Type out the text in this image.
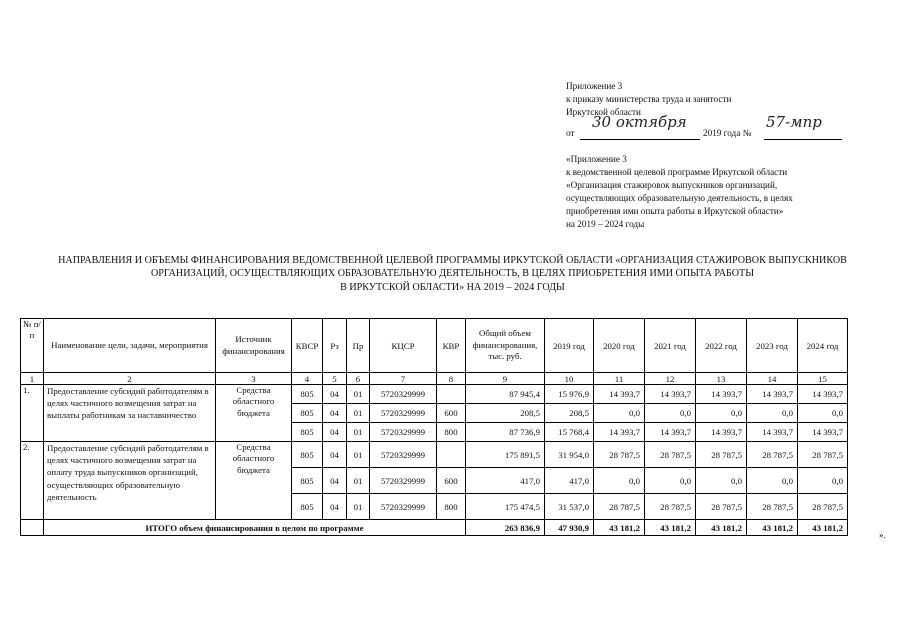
Приложение 3
к приказу министерства труда и занятости
Иркутской области
от
30 октября
2019 года №
57-мпр
«Приложение 3
к ведомственной целевой программе Иркутской области
«Организация стажировок выпускников организаций,
осуществляющих образовательную деятельность, в целях
приобретения ими опыта работы в Иркутской области»
на 2019 – 2024 годы
НАПРАВЛЕНИЯ И ОБЪЕМЫ ФИНАНСИРОВАНИЯ ВЕДОМСТВЕННОЙ ЦЕЛЕВОЙ ПРОГРАММЫ ИРКУТСКОЙ ОБЛАСТИ «ОРГАНИЗАЦИЯ СТАЖИРОВОК ВЫПУСКНИКОВ
ОРГАНИЗАЦИЙ, ОСУЩЕСТВЛЯЮЩИХ ОБРАЗОВАТЕЛЬНУЮ ДЕЯТЕЛЬНОСТЬ, В ЦЕЛЯХ ПРИОБРЕТЕНИЯ ИМИ ОПЫТА РАБОТЫ
В ИРКУТСКОЙ ОБЛАСТИ» НА 2019 – 2024 ГОДЫ
№ п/п	Наименование цели, задачи, мероприятия	Источник финансирования	КВСР	Рз	Пр	КЦСР	КВР	Общий объем финансирования, тыс. руб.	2019 год	2020 год	2021 год	2022 год	2023 год	2024 год
1	2	3	4	5	6	7	8	9	10	11	12	13	14	15
1.	Предоставление субсидий работодателям в целях частичного возмещения затрат на выплаты работникам за наставничество	Средства областного бюджета	805	04	01	5720329999		87 945,4	15 976,9	14 393,7	14 393,7	14 393,7	14 393,7	14 393,7
			805	04	01	5720329999	600	208,5	208,5	0,0	0,0	0,0	0,0	0,0
			805	04	01	5720329999	800	87 736,9	15 768,4	14 393,7	14 393,7	14 393,7	14 393,7	14 393,7
2.	Предоставление субсидий работодателям в целях частичного возмещения затрат на оплату труда выпускников организаций, осуществляющих образовательную деятельность	Средства областного бюджета	805	04	01	5720329999		175 891,5	31 954,0	28 787,5	28 787,5	28 787,5	28 787,5	28 787,5
			805	04	01	5720329999	600	417,0	417,0	0,0	0,0	0,0	0,0	0,0
			805	04	01	5720329999	800	175 474,5	31 537,0	28 787,5	28 787,5	28 787,5	28 787,5	28 787,5
	ИТОГО объем финансирования в целом по программе							263 836,9	47 930,9	43 181,2	43 181,2	43 181,2	43 181,2	43 181,2
».
